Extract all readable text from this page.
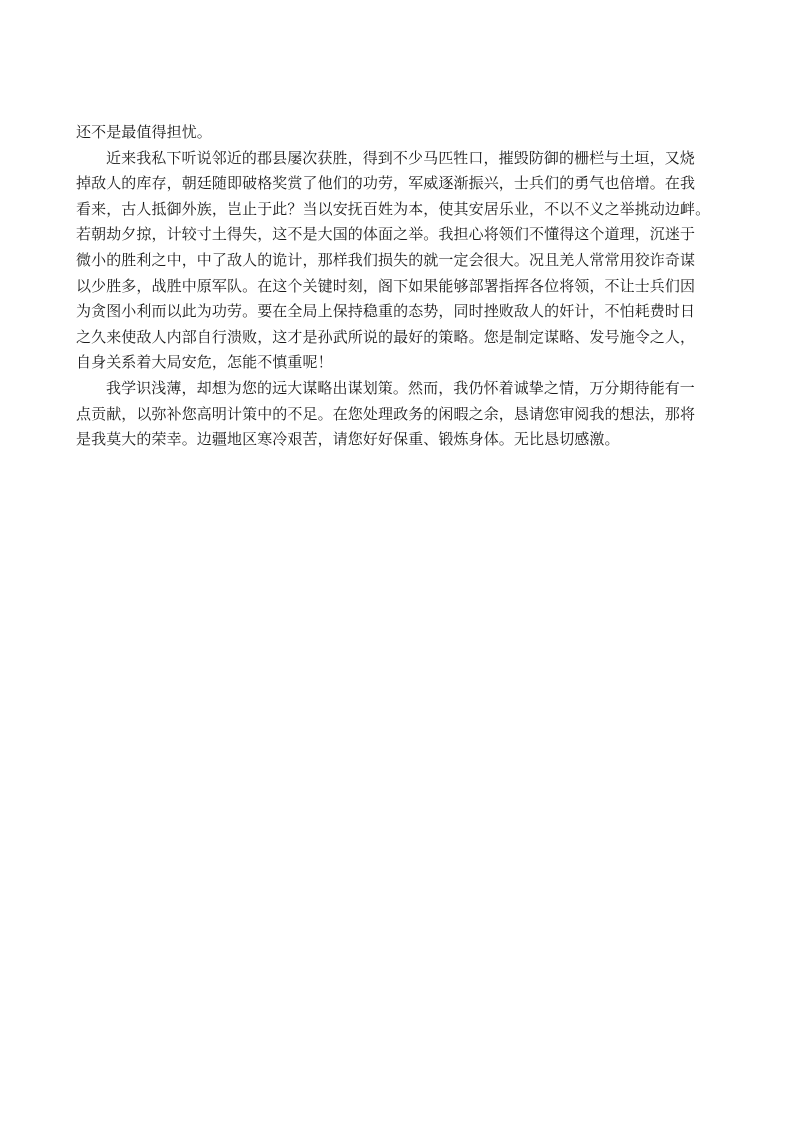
还不是最值得担忧。
近来我私下听说邻近的郡县屡次获胜，得到不少马匹牲口，摧毁防御的栅栏与土垣，又烧
掉敌人的库存，朝廷随即破格奖赏了他们的功劳，军威逐渐振兴，士兵们的勇气也倍增。在我
看来，古人抵御外族，岂止于此？当以安抚百姓为本，使其安居乐业，不以不义之举挑动边衅。
若朝劫夕掠，计较寸土得失，这不是大国的体面之举。我担心将领们不懂得这个道理，沉迷于
微小的胜利之中，中了敌人的诡计，那样我们损失的就一定会很大。况且羌人常常用狡诈奇谋
以少胜多，战胜中原军队。在这个关键时刻，阁下如果能够部署指挥各位将领，不让士兵们因
为贪图小利而以此为功劳。要在全局上保持稳重的态势，同时挫败敌人的奸计，不怕耗费时日
之久来使敌人内部自行溃败，这才是孙武所说的最好的策略。您是制定谋略、发号施令之人，
自身关系着大局安危，怎能不慎重呢！
我学识浅薄，却想为您的远大谋略出谋划策。然而，我仍怀着诚挚之情，万分期待能有一
点贡献，以弥补您高明计策中的不足。在您处理政务的闲暇之余，恳请您审阅我的想法，那将
是我莫大的荣幸。边疆地区寒冷艰苦，请您好好保重、锻炼身体。无比恳切感激。
